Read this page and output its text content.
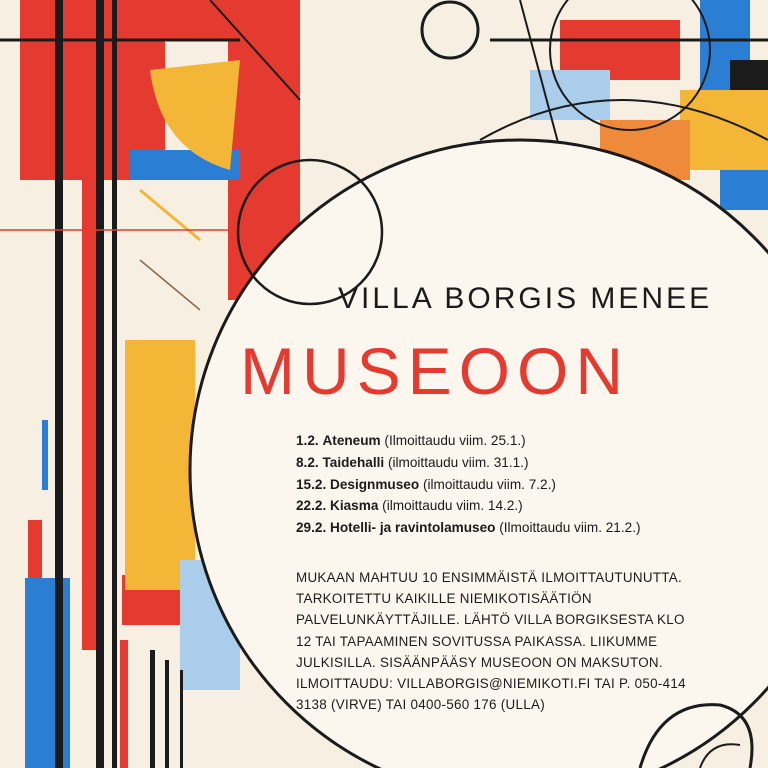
VILLA BORGIS MENEE
MUSEOON
1.2. Ateneum (Ilmoittaudu viim. 25.1.)
8.2. Taidehalli (ilmoittaudu viim. 31.1.)
15.2. Designmuseo (ilmoittaudu viim. 7.2.)
22.2. Kiasma (ilmoittaudu viim. 14.2.)
29.2. Hotelli- ja ravintolamuseo (Ilmoittaudu viim. 21.2.)
MUKAAN MAHTUU 10 ENSIMMÄISTÄ ILMOITTAUTUNUTTA.
TARKOITETTU KAIKILLE NIEMIKOTISÄÄTIÖN
PALVELUNKÄYTTÄJILLE. LÄHTÖ VILLA BORGIKSESTA KLO
12 TAI TAPAAMINEN SOVITUSSA PAIKASSA. LIIKUMME
JULKISILLA. SISÄÄNPÄÄSY MUSEOON ON MAKSUTON.
ILMOITTAUDU: VILLABORGIS@NIEMIKOTI.FI TAI P. 050-414
3138 (VIRVE) TAI 0400-560 176 (ULLA)
